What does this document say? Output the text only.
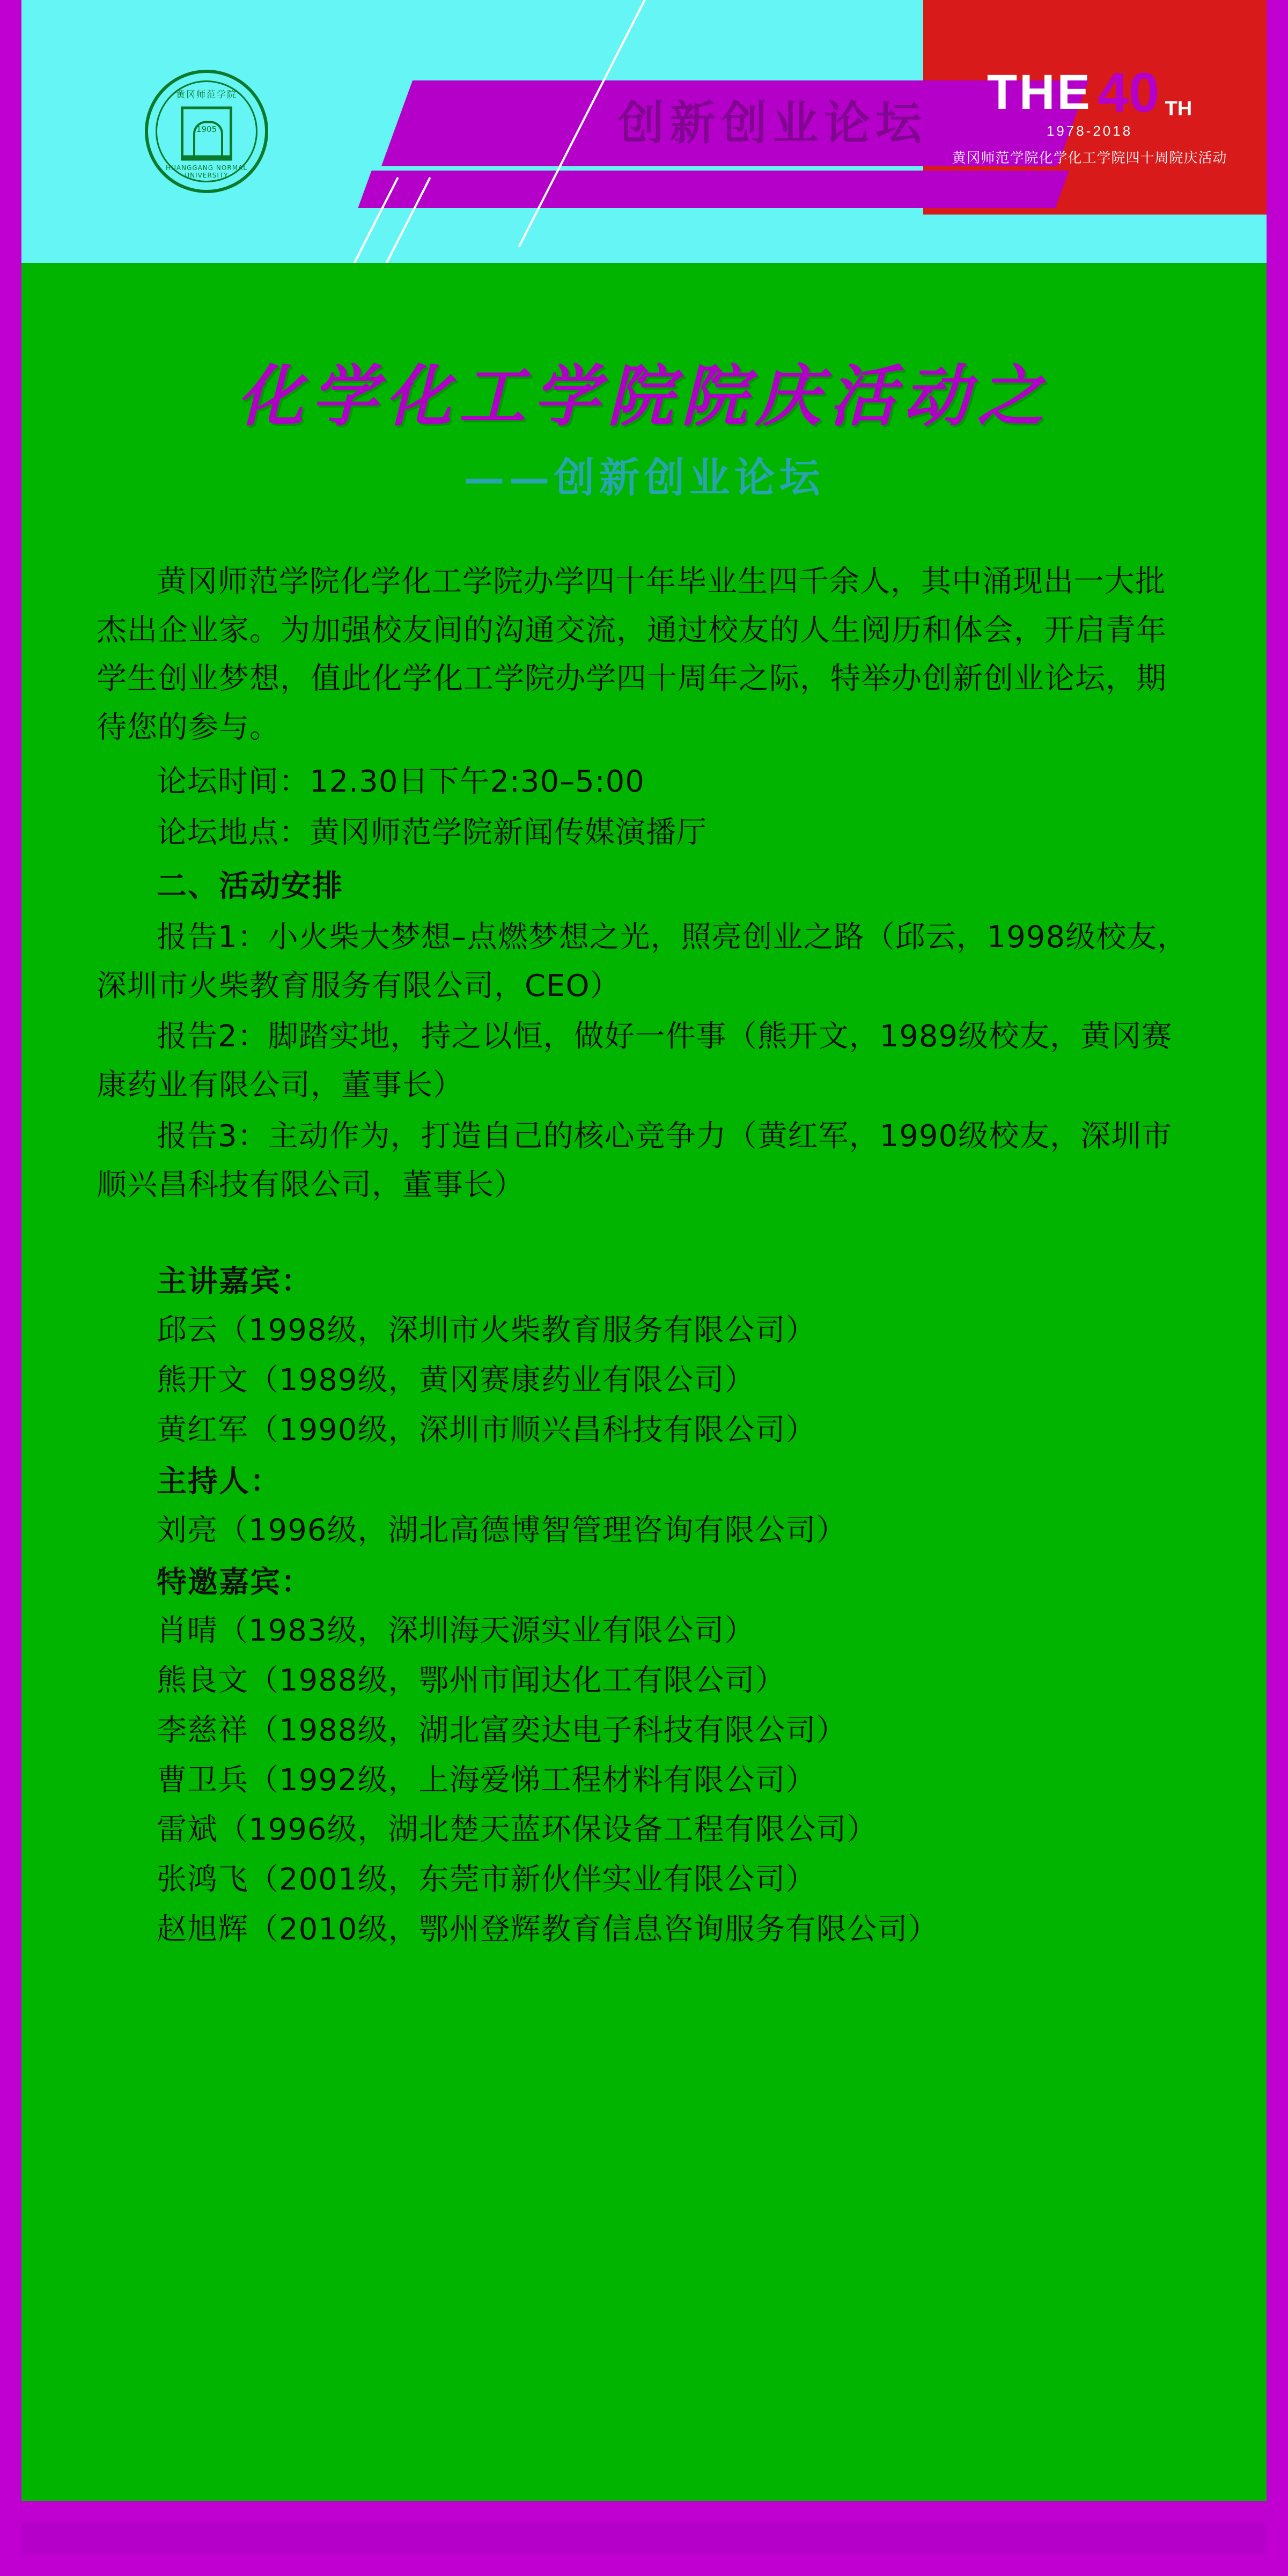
创新创业论坛
黄冈师范学院
1905
HUANGGANG NORMAL UNIVERSITY
THE 40 TH
1978-2018
黄冈师范学院化学化工学院四十周院庆活动
化学化工学院院庆活动之
——创新创业论坛
黄冈师范学院化学化工学院办学四十年毕业生四千余人，其中涌现出一大批杰出企业家。为加强校友间的沟通交流，通过校友的人生阅历和体会，开启青年学生创业梦想，值此化学化工学院办学四十周年之际，特举办创新创业论坛，期待您的参与。
论坛时间：12.30日下午2:30–5:00
论坛地点：黄冈师范学院新闻传媒演播厅
二、活动安排
报告1：小火柴大梦想–点燃梦想之光，照亮创业之路（邱云，1998级校友，深圳市火柴教育服务有限公司，CEO）
报告2：脚踏实地，持之以恒，做好一件事（熊开文，1989级校友，黄冈赛康药业有限公司，董事长）
报告3：主动作为，打造自己的核心竞争力（黄红军，1990级校友，深圳市顺兴昌科技有限公司，董事长）
主讲嘉宾：
邱云（1998级，深圳市火柴教育服务有限公司）
熊开文（1989级，黄冈赛康药业有限公司）
黄红军（1990级，深圳市顺兴昌科技有限公司）
主持人：
刘亮（1996级，湖北高德博智管理咨询有限公司）
特邀嘉宾：
肖晴（1983级，深圳海天源实业有限公司）
熊良文（1988级，鄂州市闻达化工有限公司）
李慈祥（1988级，湖北富奕达电子科技有限公司）
曹卫兵（1992级，上海爱悌工程材料有限公司）
雷斌（1996级，湖北楚天蓝环保设备工程有限公司）
张鸿飞（2001级，东莞市新伙伴实业有限公司）
赵旭辉（2010级，鄂州登辉教育信息咨询服务有限公司）
